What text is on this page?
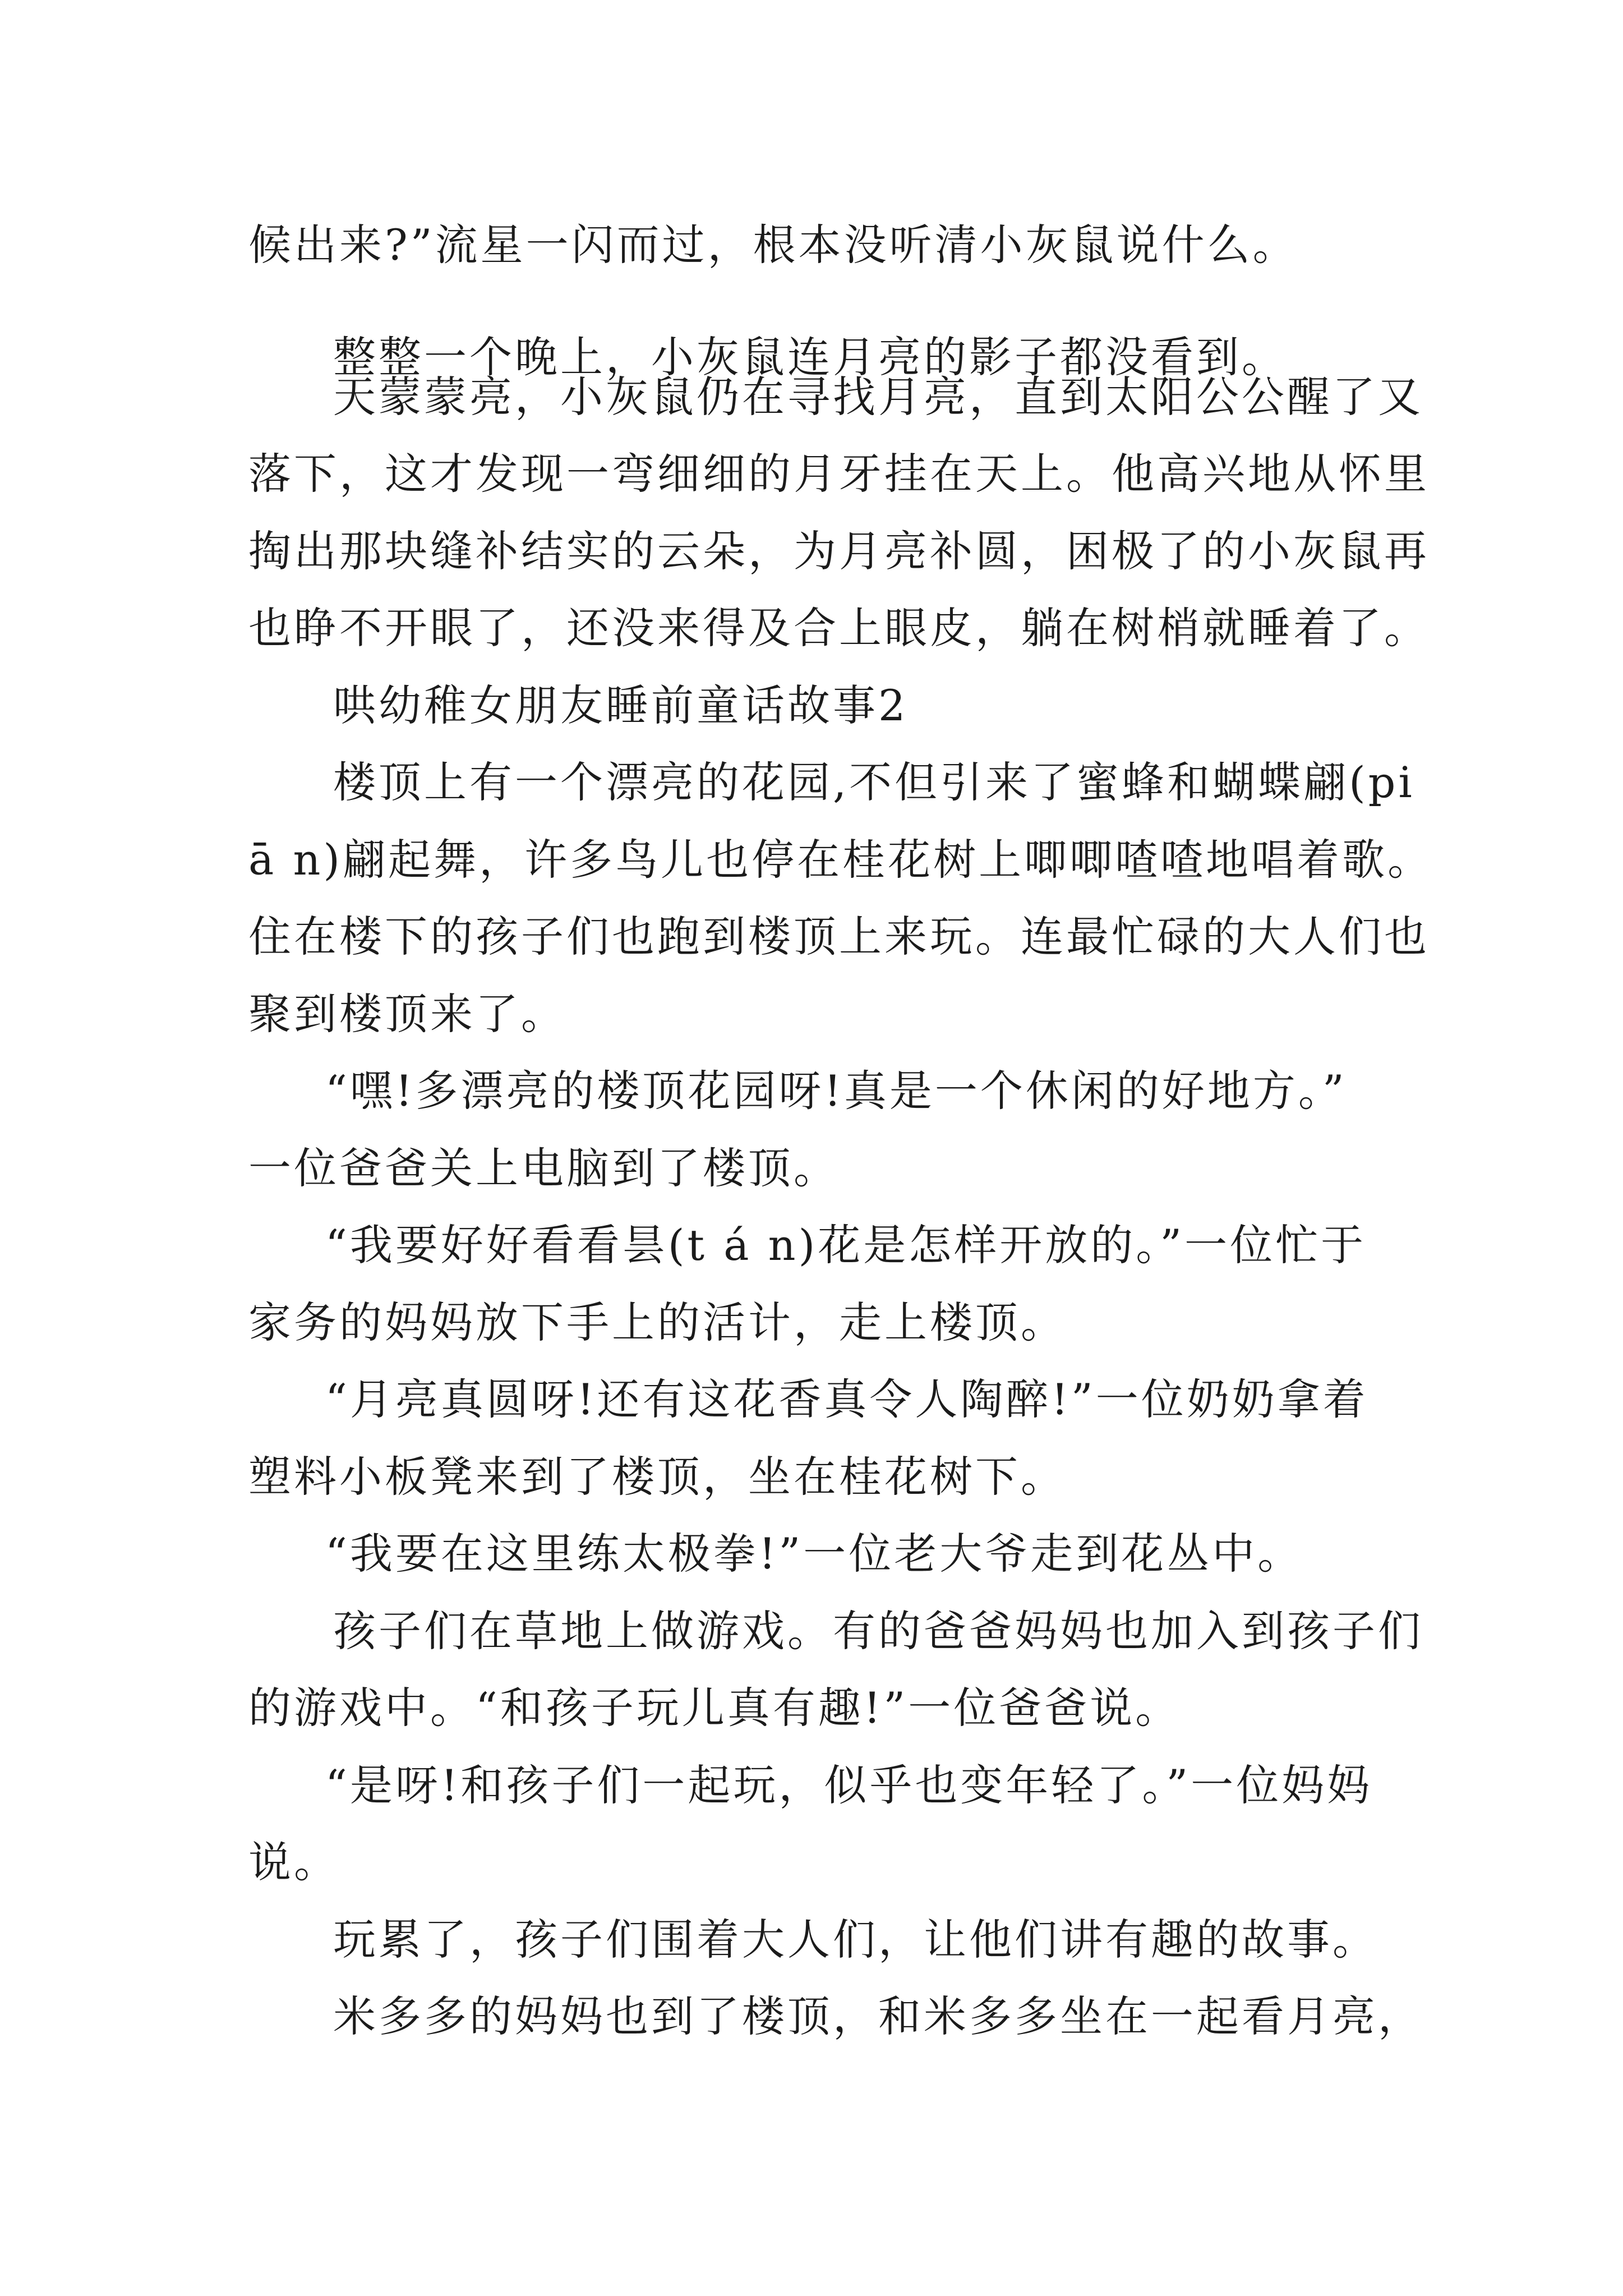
候出来?”流星一闪而过，根本没听清小灰鼠说什么。
整整一个晚上，小灰鼠连月亮的影子都没看到。
天蒙蒙亮，小灰鼠仍在寻找月亮，直到太阳公公醒了又
落下，这才发现一弯细细的月牙挂在天上。他高兴地从怀里
掏出那块缝补结实的云朵，为月亮补圆，困极了的小灰鼠再
也睁不开眼了，还没来得及合上眼皮，躺在树梢就睡着了。
哄幼稚女朋友睡前童话故事2
楼顶上有一个漂亮的花园,不但引来了蜜蜂和蝴蝶翩(pi
ā n)翩起舞，许多鸟儿也停在桂花树上唧唧喳喳地唱着歌。
住在楼下的孩子们也跑到楼顶上来玩。连最忙碌的大人们也
聚到楼顶来了。
“嘿!多漂亮的楼顶花园呀!真是一个休闲的好地方。”
一位爸爸关上电脑到了楼顶。
“我要好好看看昙(t á n)花是怎样开放的。”一位忙于
家务的妈妈放下手上的活计，走上楼顶。
“月亮真圆呀!还有这花香真令人陶醉!”一位奶奶拿着
塑料小板凳来到了楼顶，坐在桂花树下。
“我要在这里练太极拳!”一位老大爷走到花丛中。
孩子们在草地上做游戏。有的爸爸妈妈也加入到孩子们
的游戏中。“和孩子玩儿真有趣!”一位爸爸说。
“是呀!和孩子们一起玩，似乎也变年轻了。”一位妈妈
说。
玩累了，孩子们围着大人们，让他们讲有趣的故事。
米多多的妈妈也到了楼顶，和米多多坐在一起看月亮，
